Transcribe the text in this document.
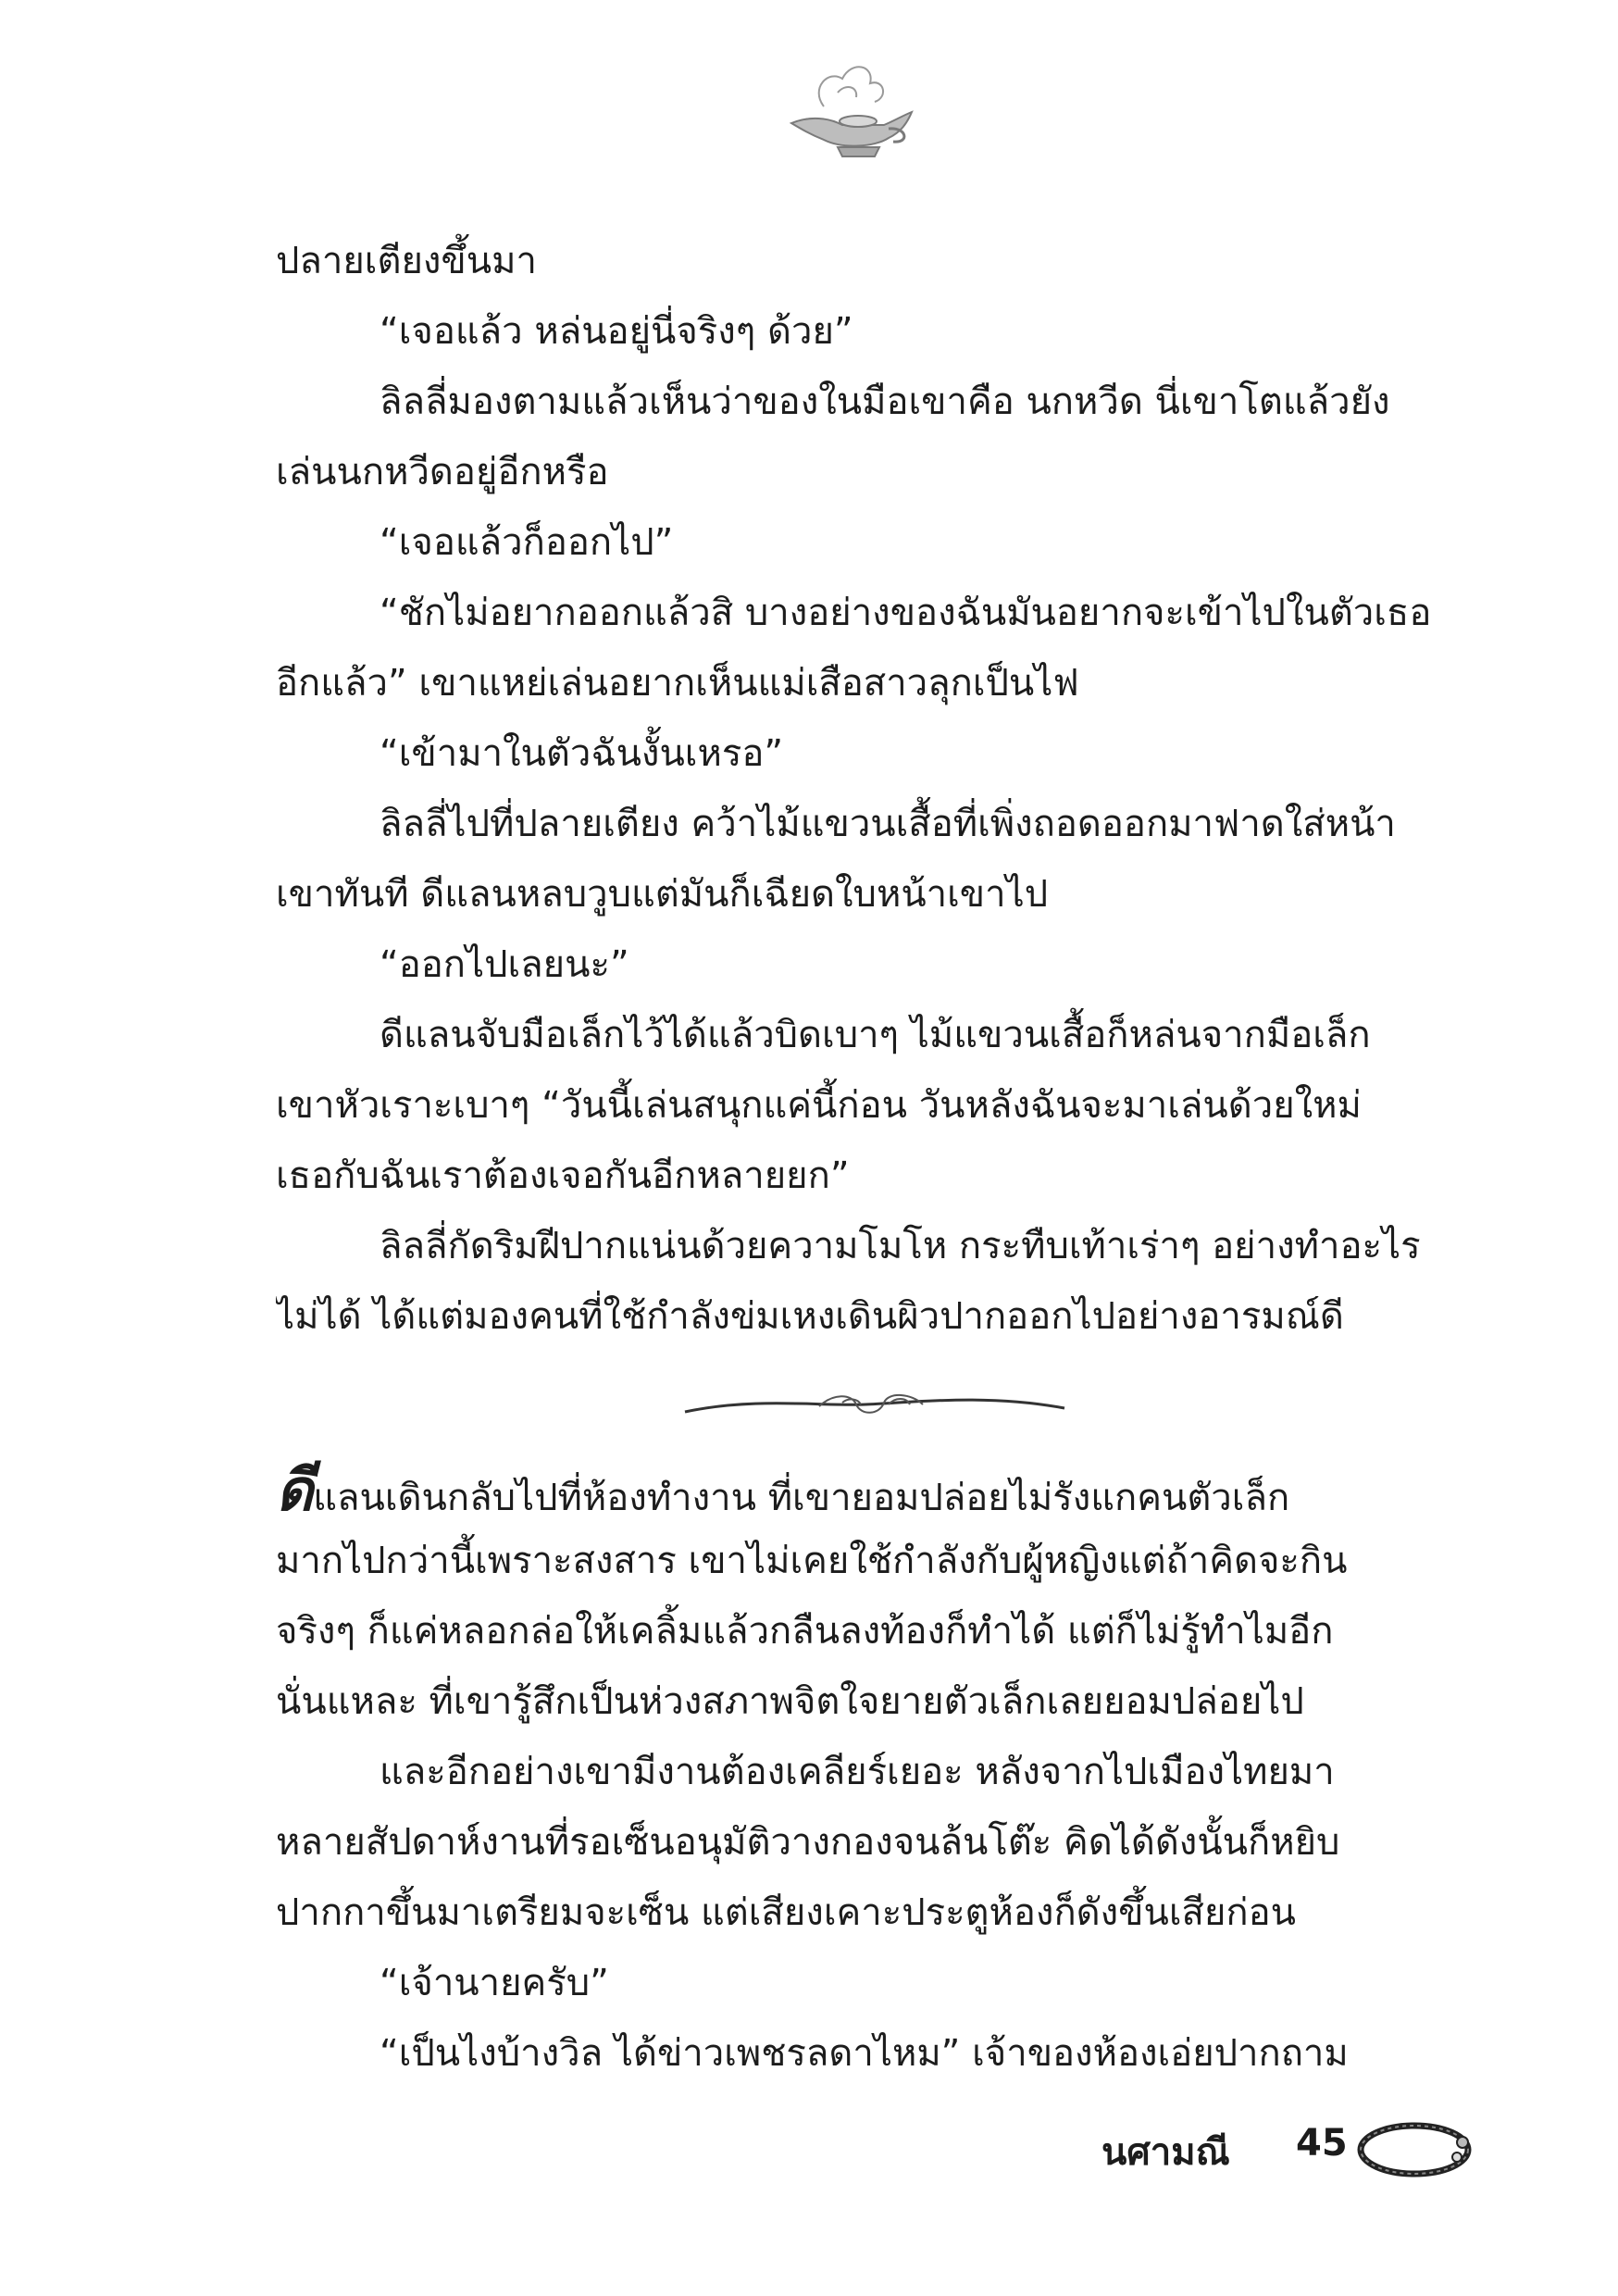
ปลายเตียงขึ้นมา
“เจอแล้ว หล่นอยู่นี่จริงๆ ด้วย”
ลิลลี่มองตามแล้วเห็นว่าของในมือเขาคือ นกหวีด นี่เขาโตแล้วยัง
เล่นนกหวีดอยู่อีกหรือ
“เจอแล้วก็ออกไป”
“ชักไม่อยากออกแล้วสิ บางอย่างของฉันมันอยากจะเข้าไปในตัวเธอ
อีกแล้ว” เขาแหย่เล่นอยากเห็นแม่เสือสาวลุกเป็นไฟ
“เข้ามาในตัวฉันงั้นเหรอ”
ลิลลี่ไปที่ปลายเตียง คว้าไม้แขวนเสื้อที่เพิ่งถอดออกมาฟาดใส่หน้า
เขาทันที ดีแลนหลบวูบแต่มันก็เฉียดใบหน้าเขาไป
“ออกไปเลยนะ”
ดีแลนจับมือเล็กไว้ได้แล้วบิดเบาๆ ไม้แขวนเสื้อก็หล่นจากมือเล็ก
เขาหัวเราะเบาๆ “วันนี้เล่นสนุกแค่นี้ก่อน วันหลังฉันจะมาเล่นด้วยใหม่
เธอกับฉันเราต้องเจอกันอีกหลายยก”
ลิลลี่กัดริมฝีปากแน่นด้วยความโมโห กระทืบเท้าเร่าๆ อย่างทำอะไร
ไม่ได้ ได้แต่มองคนที่ใช้กำลังข่มเหงเดินผิวปากออกไปอย่างอารมณ์ดี
ดีแลนเดินกลับไปที่ห้องทำงาน ที่เขายอมปล่อยไม่รังแกคนตัวเล็ก
มากไปกว่านี้เพราะสงสาร เขาไม่เคยใช้กำลังกับผู้หญิงแต่ถ้าคิดจะกิน
จริงๆ ก็แค่หลอกล่อให้เคลิ้มแล้วกลืนลงท้องก็ทำได้ แต่ก็ไม่รู้ทำไมอีก
นั่นแหละ ที่เขารู้สึกเป็นห่วงสภาพจิตใจยายตัวเล็กเลยยอมปล่อยไป
และอีกอย่างเขามีงานต้องเคลียร์เยอะ หลังจากไปเมืองไทยมา
หลายสัปดาห์งานที่รอเซ็นอนุมัติวางกองจนล้นโต๊ะ คิดได้ดังนั้นก็หยิบ
ปากกาขึ้นมาเตรียมจะเซ็น แต่เสียงเคาะประตูห้องก็ดังขึ้นเสียก่อน
“เจ้านายครับ”
“เป็นไงบ้างวิล ได้ข่าวเพชรลดาไหม” เจ้าของห้องเอ่ยปากถาม
นศามณี 45
